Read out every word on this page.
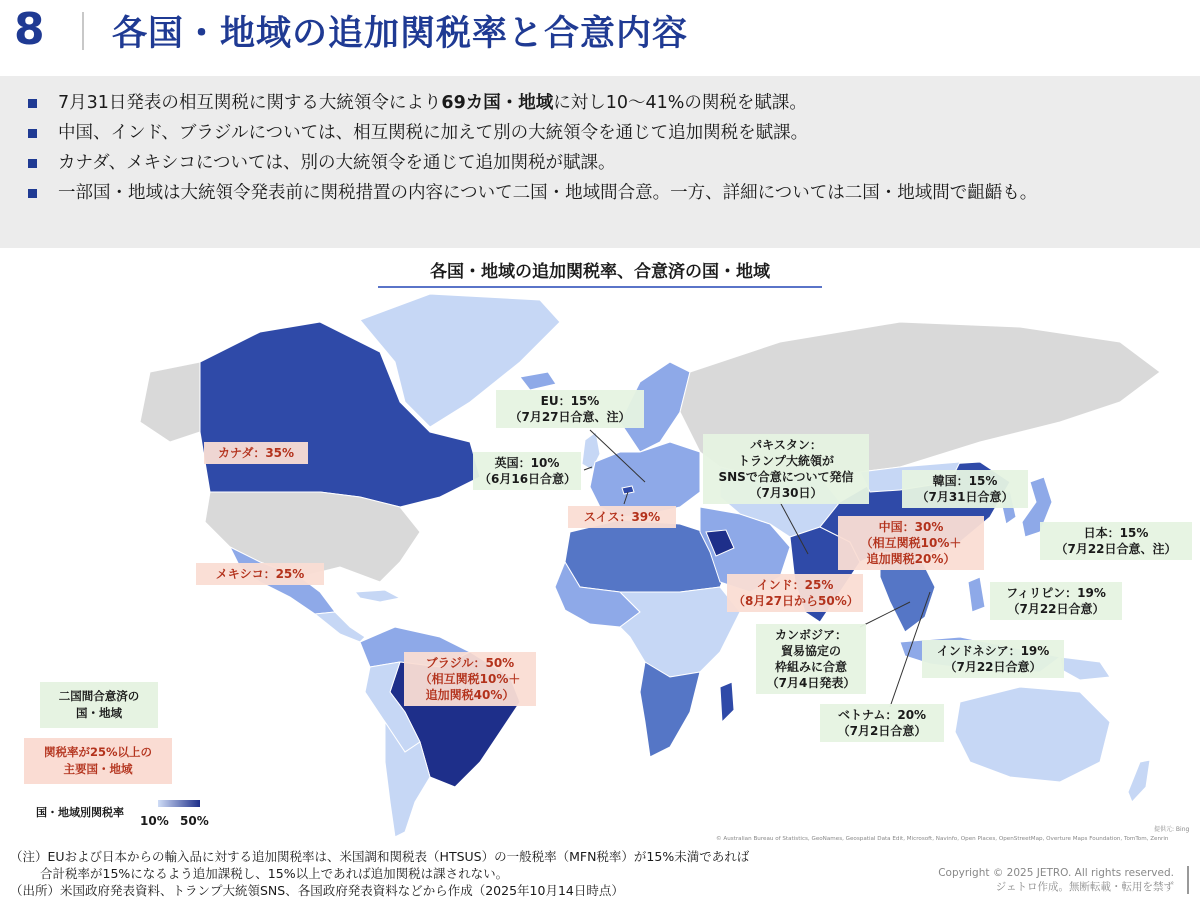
8 各国・地域の追加関税率と合意内容
7月31日発表の相互関税に関する大統領令により69カ国・地域に対し10～41%の関税を賦課。
中国、インド、ブラジルについては、相互関税に加えて別の大統領令を通じて追加関税を賦課。
カナダ、メキシコについては、別の大統領令を通じて追加関税が賦課。
一部国・地域は大統領令発表前に関税措置の内容について二国・地域間合意。一方、詳細については二国・地域間で齟齬も。
各国・地域の追加関税率、合意済の国・地域
カナダ：35%
メキシコ：25%
ブラジル：50%
（相互関税10%＋
追加関税40%）
EU：15%
（7月27日合意、注）
英国：10%
（6月16日合意）
スイス：39%
パキスタン：
トランプ大統領が
SNSで合意について発信
（7月30日）
韓国：15%
（7月31日合意）
中国：30%
（相互関税10%＋
追加関税20%）
日本：15%
（7月22日合意、注）
インド：25%
（8月27日から50%）
フィリピン：19%
（7月22日合意）
カンボジア：
貿易協定の
枠組みに合意
（7月4日発表）
インドネシア：19%
（7月22日合意）
ベトナム：20%
（7月2日合意）
二国間合意済の
国・地域
関税率が25%以上の
主要国・地域
国・地域別関税率
10% 50%
提供元: Bing
© Australian Bureau of Statistics, GeoNames, Geospatial Data Edit, Microsoft, Navinfo, Open Places, OpenStreetMap, Overture Maps Foundation, TomTom, Zenrin
（注）EUおよび日本からの輸入品に対する追加関税率は、米国調和関税表（HTSUS）の一般税率（MFN税率）が15%未満であれば
合計税率が15%になるよう追加課税し、15%以上であれば追加関税は課されない。
（出所）米国政府発表資料、トランプ大統領SNS、各国政府発表資料などから作成（2025年10月14日時点）
Copyright © 2025 JETRO. All rights reserved.
ジェトロ作成。無断転載・転用を禁ず
